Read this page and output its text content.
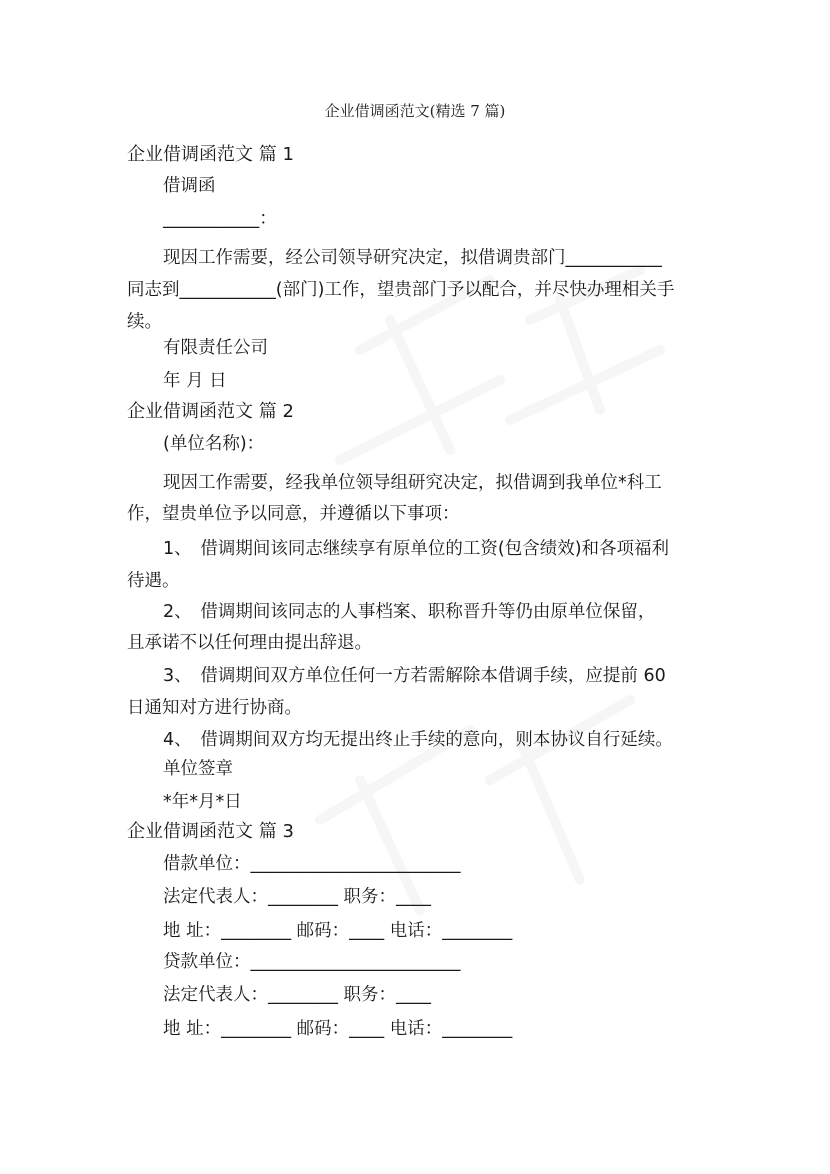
企业借调函范文(精选 7 篇)
企业借调函范文 篇 1
借调函
___________：
现因工作需要，经公司领导研究决定，拟借调贵部门___________
同志到___________(部门)工作，望贵部门予以配合，并尽快办理相关手
续。
有限责任公司
年 月 日
企业借调函范文 篇 2
(单位名称)：
现因工作需要，经我单位领导组研究决定，拟借调到我单位*科工
作，望贵单位予以同意，并遵循以下事项：
1、　借调期间该同志继续享有原单位的工资(包含绩效)和各项福利
待遇。
2、　借调期间该同志的人事档案、职称晋升等仍由原单位保留，
且承诺不以任何理由提出辞退。
3、　借调期间双方单位任何一方若需解除本借调手续，应提前 60
日通知对方进行协商。
4、　借调期间双方均无提出终止手续的意向，则本协议自行延续。
单位签章
*年*月*日
企业借调函范文 篇 3
借款单位：________________________
法定代表人：________ 职务：____
地 址：________ 邮码：____ 电话：________
贷款单位：________________________
法定代表人：________ 职务：____
地 址：________ 邮码：____ 电话：________
